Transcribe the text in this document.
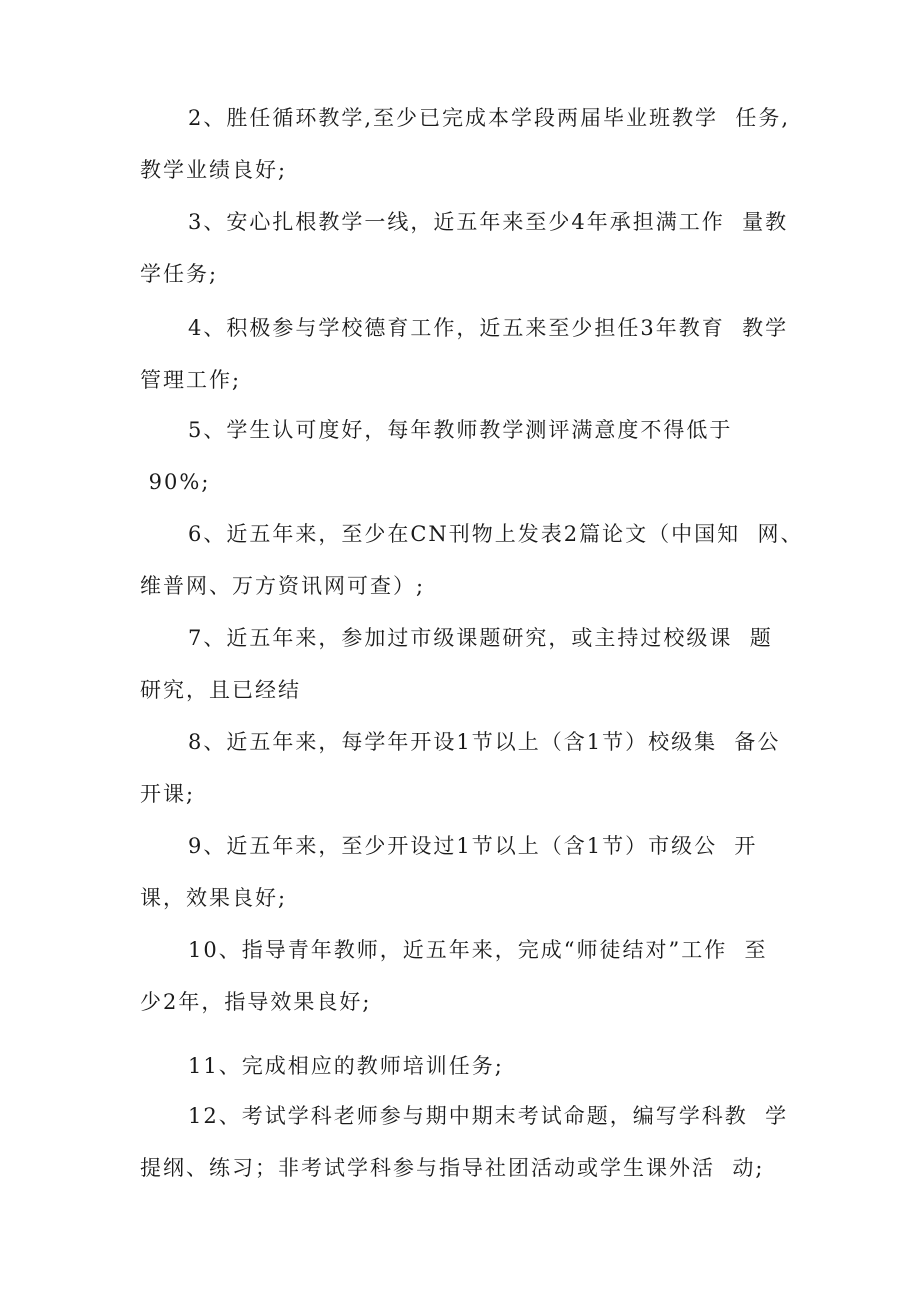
2、胜任循环教学,至少已完成本学段两届毕业班教学  任务,
教学业绩良好;
3、安心扎根教学一线，近五年来至少4年承担满工作  量教
学任务;
4、积极参与学校德育工作，近五来至少担任3年教育  教学
管理工作;
5、学生认可度好，每年教师教学测评满意度不得低于
90%;
6、近五年来，至少在CN刊物上发表2篇论文（中国知  网、
维普网、万方资讯网可查）;
7、近五年来，参加过市级课题研究，或主持过校级课  题
研究，且已经结
8、近五年来，每学年开设1节以上（含1节）校级集  备公
开课;
9、近五年来，至少开设过1节以上（含1节）市级公  开
课，效果良好;
10、指导青年教师，近五年来，完成“师徒结对”工作  至
少2年，指导效果良好;
11、完成相应的教师培训任务;
12、考试学科老师参与期中期末考试命题，编写学科教  学
提纲、练习；非考试学科参与指导社团活动或学生课外活  动;
